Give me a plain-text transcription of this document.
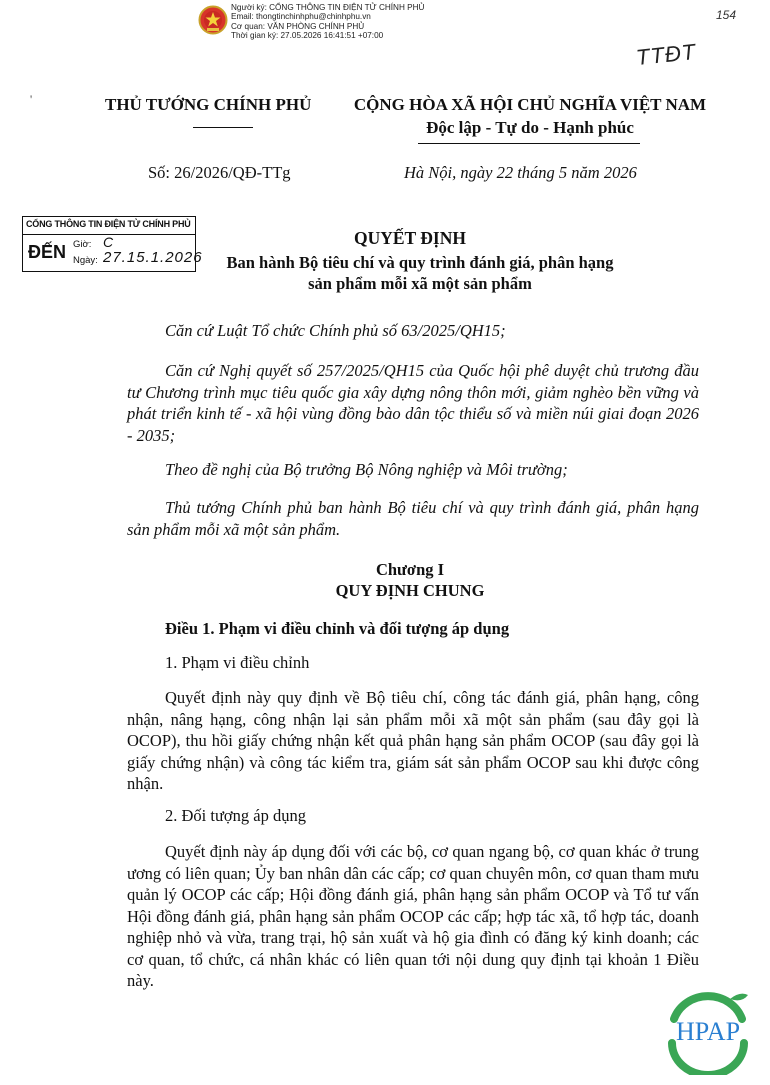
Người ký: CỔNG THÔNG TIN ĐIỆN TỬ CHÍNH PHỦ
Email: thongtinchinhphu@chinhphu.vn
Cơ quan: VĂN PHÒNG CHÍNH PHỦ
Thời gian ký: 27.05.2026 16:41:51 +07:00
154
TTĐT
'	THỦ TƯỚNG CHÍNH PHỦ	CỘNG HÒA XÃ HỘI CHỦ NGHĨA VIỆT NAM
Độc lập - Tự do - Hạnh phúc
Số: 26/2026/QĐ-TTg	Hà Nội, ngày 22 tháng 5 năm 2026
CỔNG THÔNG TIN ĐIỆN TỬ CHÍNH PHỦ
ĐẾN Giờ: C
Ngày: 27.15.1.2026
QUYẾT ĐỊNH
Ban hành Bộ tiêu chí và quy trình đánh giá, phân hạng
sản phẩm mỗi xã một sản phẩm
Căn cứ Luật Tổ chức Chính phủ số 63/2025/QH15;
Căn cứ Nghị quyết số 257/2025/QH15 của Quốc hội phê duyệt chủ trương đầu tư Chương trình mục tiêu quốc gia xây dựng nông thôn mới, giảm nghèo bền vững và phát triển kinh tế - xã hội vùng đồng bào dân tộc thiểu số và miền núi giai đoạn 2026 - 2035;
Theo đề nghị của Bộ trưởng Bộ Nông nghiệp và Môi trường;
Thủ tướng Chính phủ ban hành Bộ tiêu chí và quy trình đánh giá, phân hạng sản phẩm mỗi xã một sản phẩm.
Chương I
QUY ĐỊNH CHUNG
Điều 1. Phạm vi điều chỉnh và đối tượng áp dụng
1. Phạm vi điều chỉnh
Quyết định này quy định về Bộ tiêu chí, công tác đánh giá, phân hạng, công nhận, nâng hạng, công nhận lại sản phẩm mỗi xã một sản phẩm (sau đây gọi là OCOP), thu hồi giấy chứng nhận kết quả phân hạng sản phẩm OCOP (sau đây gọi là giấy chứng nhận) và công tác kiểm tra, giám sát sản phẩm OCOP sau khi được công nhận.
2. Đối tượng áp dụng
Quyết định này áp dụng đối với các bộ, cơ quan ngang bộ, cơ quan khác ở trung ương có liên quan; Ủy ban nhân dân các cấp; cơ quan chuyên môn, cơ quan tham mưu quản lý OCOP các cấp; Hội đồng đánh giá, phân hạng sản phẩm OCOP và Tổ tư vấn Hội đồng đánh giá, phân hạng sản phẩm OCOP các cấp; hợp tác xã, tổ hợp tác, doanh nghiệp nhỏ và vừa, trang trại, hộ sản xuất và hộ gia đình có đăng ký kinh doanh; các cơ quan, tổ chức, cá nhân khác có liên quan tới nội dung quy định tại khoản 1 Điều này.
HPAP
